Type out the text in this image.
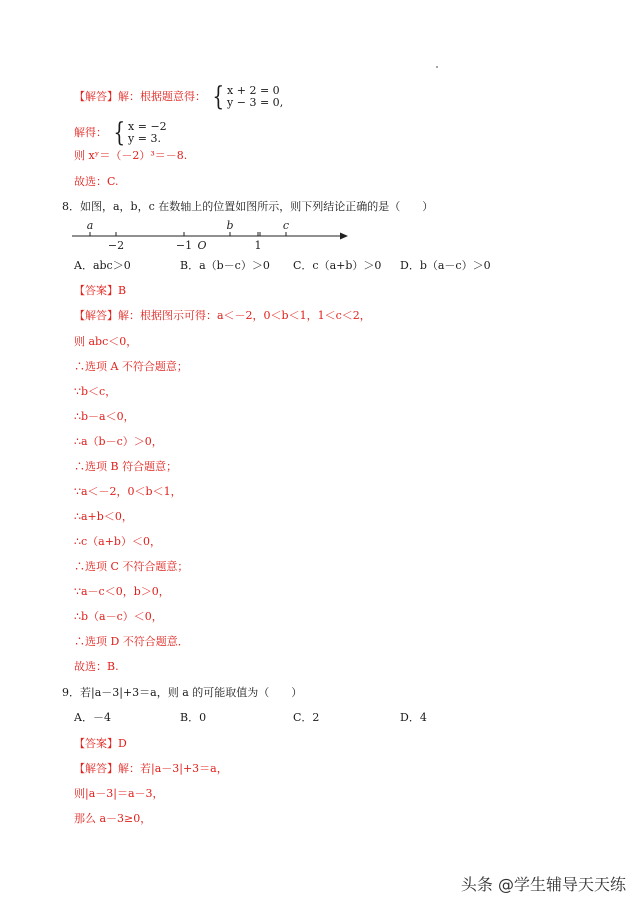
【解答】解：根据题意得： { x + 2 = 0
y − 3 = 0,
解得： { x = −2
y = 3.
则 xʸ＝（－2）³＝－8.
故选：C.
8．如图，a，b，c 在数轴上的位置如图所示，则下列结论正确的是（　　）
a	b	c
−2	−1 O	1
A．abc＞0	B．a（b－c）＞0 C．c（a+b）＞0 D．b（a－c）＞0
【答案】B
【解答】解：根据图示可得：a＜－2，0＜b＜1，1＜c＜2，
则 abc＜0，
∴选项 A 不符合题意；
∵b＜c，
∴b－a＜0，
∴a（b－c）＞0，
∴选项 B 符合题意；
∵a＜－2，0＜b＜1，
∴a+b＜0，
∴c（a+b）＜0，
∴选项 C 不符合题意；
∵a－c＜0，b＞0，
∴b（a－c）＜0，
∴选项 D 不符合题意．
故选：B.
9．若|a－3|+3＝a，则 a 的可能取值为（　　）
A．－4	B．0	C．2	D．4
【答案】D
【解答】解：若|a－3|+3＝a，
则|a－3|＝a－3，
那么 a－3≥0，
头条 @学生辅导天天练
